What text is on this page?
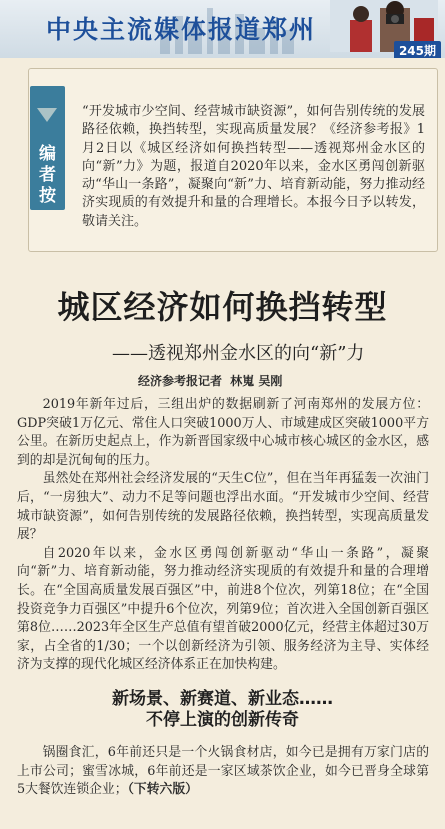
中央主流媒体报道郑州
245期
编
者
按
“开发城市少空间、经营城市缺资源”，如何告别传统的发展路径依赖，换挡转型，实现高质量发展？《经济参考报》1月2日以《城区经济如何换挡转型——透视郑州金水区的向“新”力》为题，报道自2020年以来，金水区勇闯创新驱动“华山一条路”，凝聚向“新”力、培育新动能，努力推动经济实现质的有效提升和量的合理增长。本报今日予以转发，敬请关注。
城区经济如何换挡转型
——透视郑州金水区的向“新”力
经济参考报记者 林嵬 吴刚

2019年新年过后，三组出炉的数据刷新了河南郑州的发展方位：GDP突破1万亿元、常住人口突破1000万人、市域建成区突破1000平方公里。在新历史起点上，作为新晋国家级中心城市核心城区的金水区，感到的却是沉甸甸的压力。

虽然处在郑州社会经济发展的“天生C位”，但在当年再猛轰一次油门后，“一房独大”、动力不足等问题也浮出水面。“开发城市少空间、经营城市缺资源”，如何告别传统的发展路径依赖，换挡转型，实现高质量发展？

自2020年以来，金水区勇闯创新驱动“华山一条路”，凝聚向“新”力、培育新动能，努力推动经济实现质的有效提升和量的合理增长。在“全国高质量发展百强区”中，前进8个位次，列第18位；在“全国投资竞争力百强区”中提升6个位次，列第9位；首次进入全国创新百强区第8位……2023年全区生产总值有望首破2000亿元，经营主体超过30万家，占全省的1/30；一个以创新经济为引领、服务经济为主导、实体经济为支撑的现代化城区经济体系正在加快构建。

新场景、新赛道、新业态……
不停上演的创新传奇

锅圈食汇，6年前还只是一个火锅食材店，如今已是拥有万家门店的上市公司；蜜雪冰城，6年前还是一家区域茶饮企业，如今已晋身全球第5大餐饮连锁企业；（下转六版）
